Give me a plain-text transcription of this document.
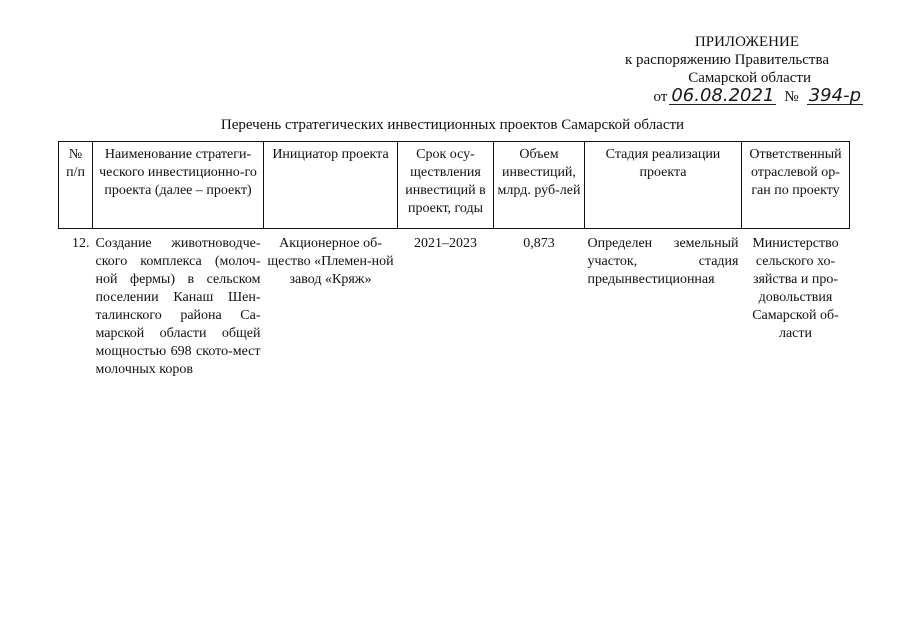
ПРИЛОЖЕНИЕ
к распоряжению Правительства
Самарской области
от 06.08.2021 № 394-р
Перечень стратегических инвестиционных проектов Самарской области
№ п/п	Наименование стратеги-ческого инвестиционно-го проекта (далее – проект)	Инициатор проекта	Срок осу-ществления инвестиций в проект, годы	Объем инвестиций, млрд. руб-лей	Стадия реализации проекта	Ответственный отраслевой ор-ган по проекту
12.	Создание животноводче-ского комплекса (молоч-ной фермы) в сельском поселении Канаш Шен-талинского района Са-марской области общей мощностью 698 ското-мест молочных коров	Акционерное об-щество «Племен-ной завод «Кряж»	2021–2023	0,873	Определен земельный участок, стадия предынвестиционная	Министерство сельского хо-зяйства и про-довольствия Самарской об-ласти
